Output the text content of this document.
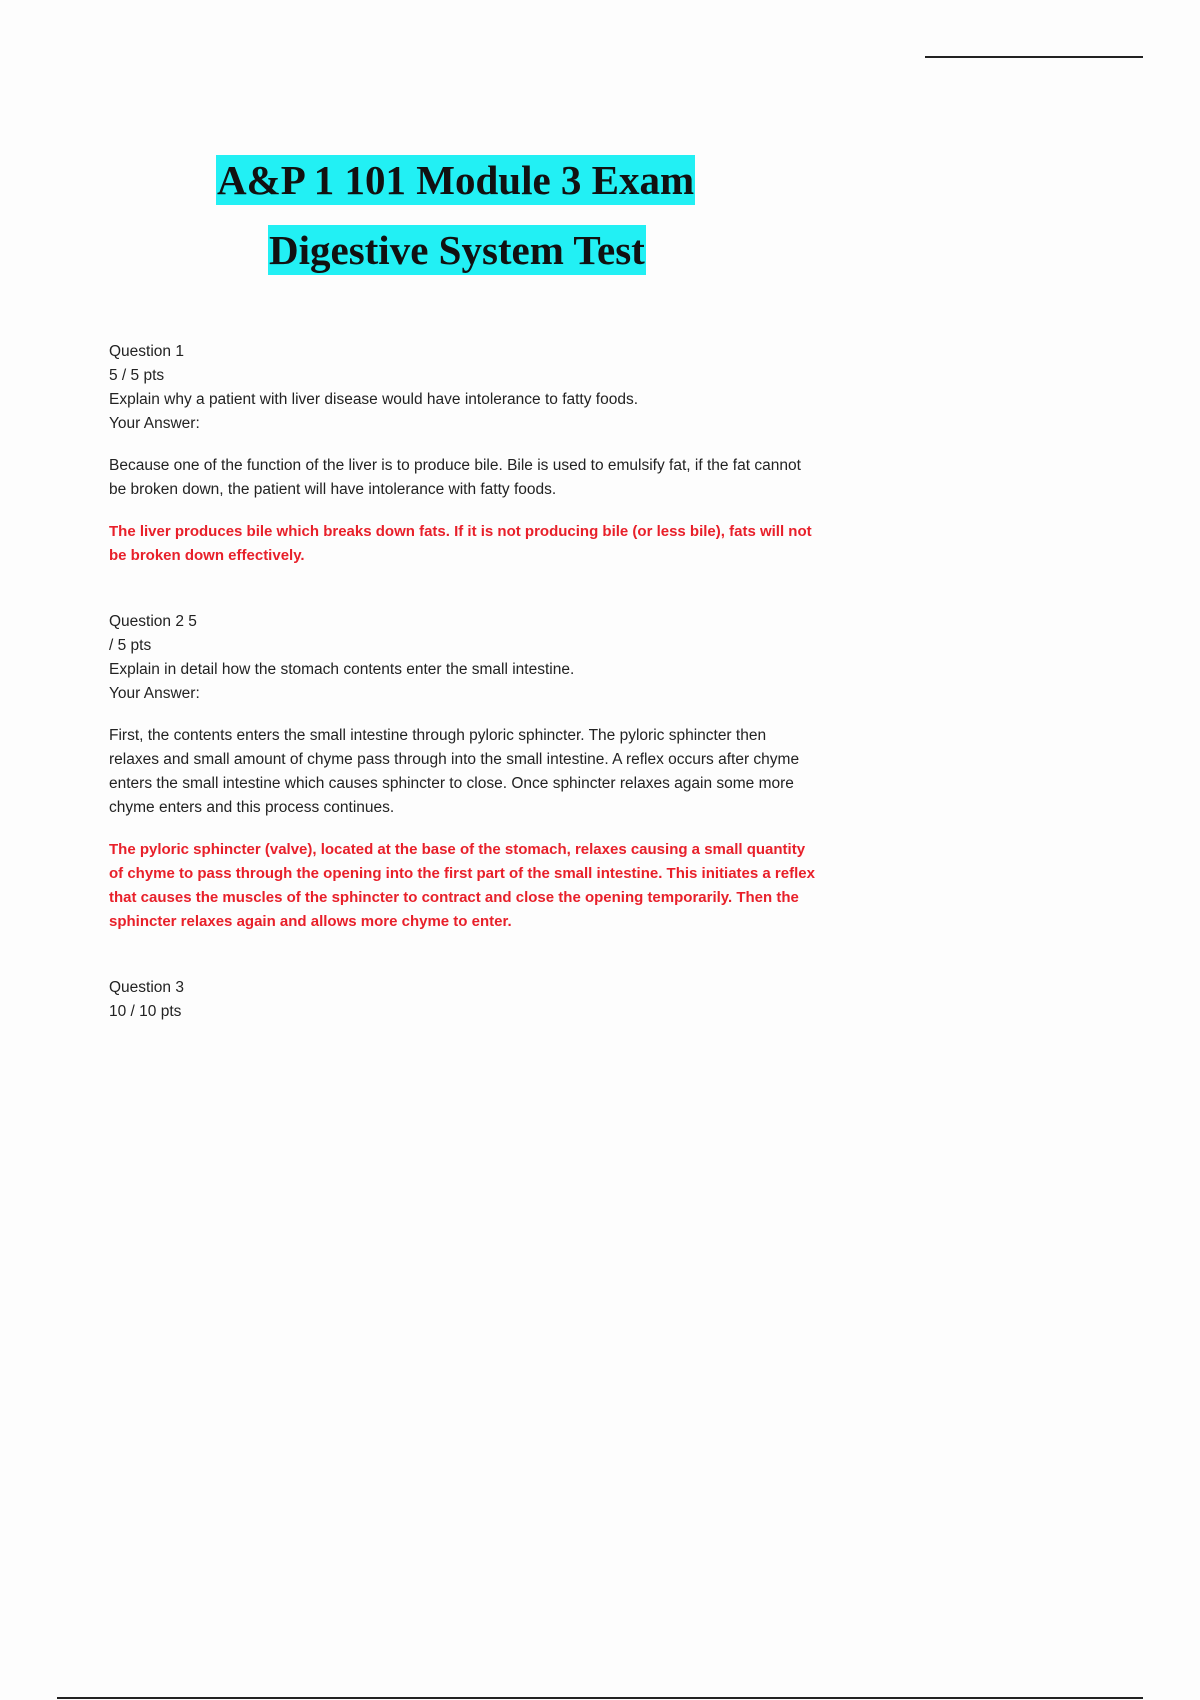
A&P 1 101 Module 3 Exam
Digestive System Test
Question 1
5 / 5 pts
Explain why a patient with liver disease would have intolerance to fatty foods.
Your Answer:

Because one of the function of the liver is to produce bile. Bile is used to emulsify fat, if the fat cannot be broken down, the patient will have intolerance with fatty foods.

The liver produces bile which breaks down fats. If it is not producing bile (or less bile), fats will not be broken down effectively.

Question 2 5
/ 5 pts
Explain in detail how the stomach contents enter the small intestine.
Your Answer:

First, the contents enters the small intestine through pyloric sphincter. The pyloric sphincter then relaxes and small amount of chyme pass through into the small intestine. A reflex occurs after chyme enters the small intestine which causes sphincter to close. Once sphincter relaxes again some more chyme enters and this process continues.

The pyloric sphincter (valve), located at the base of the stomach, relaxes causing a small quantity of chyme to pass through the opening into the first part of the small intestine. This initiates a reflex that causes the muscles of the sphincter to contract and close the opening temporarily. Then the sphincter relaxes again and allows more chyme to enter.

Question 3
10 / 10 pts
